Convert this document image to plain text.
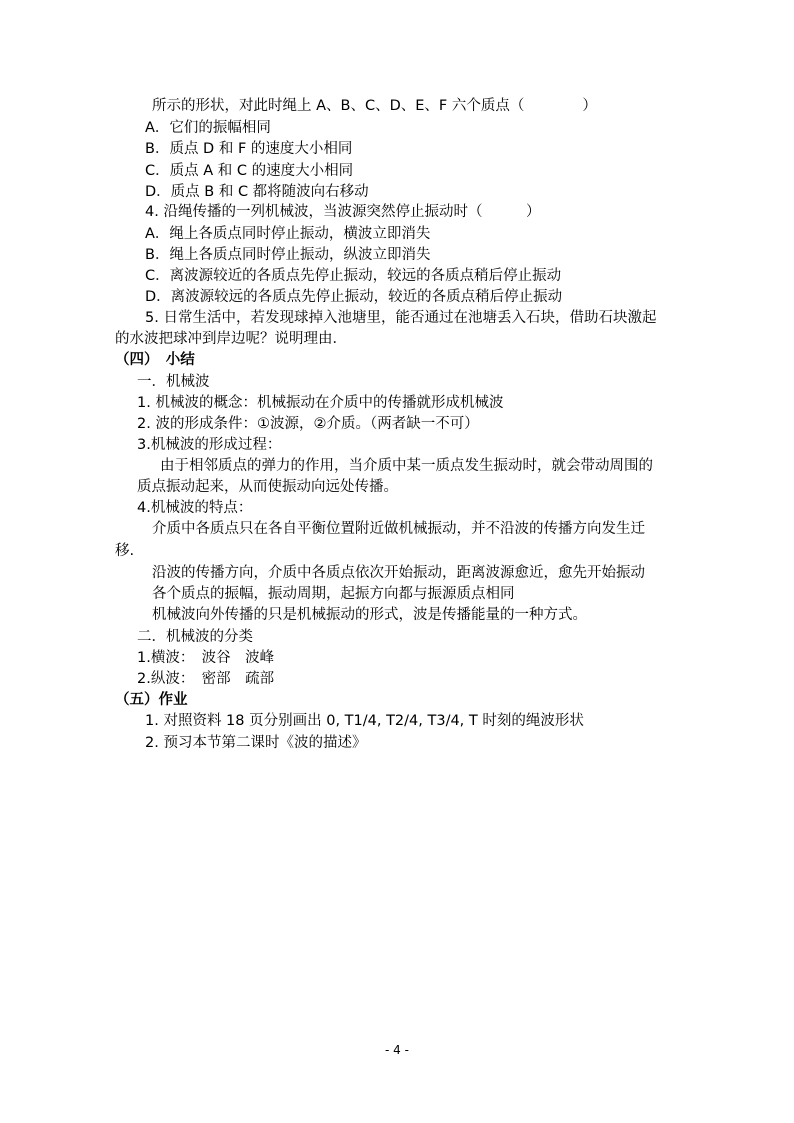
所示的形状，对此时绳上 A、B、C、D、E、F 六个质点（　　　　）
A．它们的振幅相同
B．质点 D 和 F 的速度大小相同
C．质点 A 和 C 的速度大小相同
D．质点 B 和 C 都将随波向右移动
4. 沿绳传播的一列机械波，当波源突然停止振动时（　　　）
A．绳上各质点同时停止振动，横波立即消失
B．绳上各质点同时停止振动，纵波立即消失
C．离波源较近的各质点先停止振动，较远的各质点稍后停止振动
D．离波源较远的各质点先停止振动，较近的各质点稍后停止振动
5. 日常生活中，若发现球掉入池塘里，能否通过在池塘丢入石块，借助石块激起
的水波把球冲到岸边呢？说明理由．
（四）　小结
一．机械波
1. 机械波的概念：机械振动在介质中的传播就形成机械波
2. 波的形成条件：①波源，②介质。（两者缺一不可）
3.机械波的形成过程：
由于相邻质点的弹力的作用，当介质中某一质点发生振动时，就会带动周围的
质点振动起来，从而使振动向远处传播。
4.机械波的特点：
介质中各质点只在各自平衡位置附近做机械振动，并不沿波的传播方向发生迁
移.
沿波的传播方向，介质中各质点依次开始振动，距离波源愈近，愈先开始振动
各个质点的振幅，振动周期，起振方向都与振源质点相同
机械波向外传播的只是机械振动的形式，波是传播能量的一种方式。
二．机械波的分类
1.横波：　波谷　波峰
2.纵波：　密部　疏部
（五）作业
1. 对照资料 18 页分别画出 0, T1/4, T2/4, T3/4, T 时刻的绳波形状
2. 预习本节第二课时《波的描述》
- 4 -
